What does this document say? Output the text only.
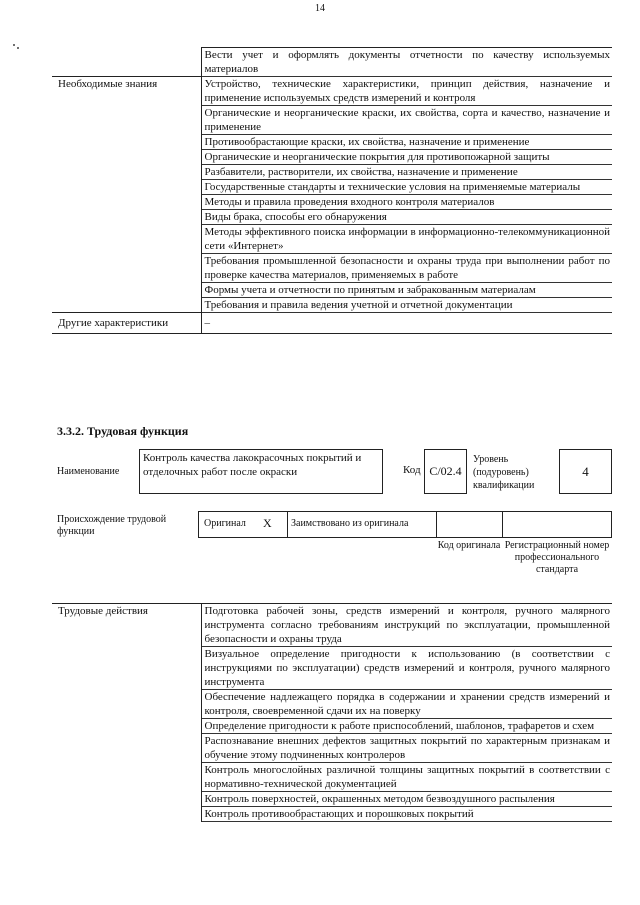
14
	Вести учет и оформлять документы отчетности по качеству используемых материалов
Необходимые знания	Устройство, технические характеристики, принцип действия, назначение и применение используемых средств измерений и контроля
	Органические и неорганические краски, их свойства, сорта и качество, назначение и применение
	Противообрастающие краски, их свойства, назначение и применение
	Органические и неорганические покрытия для противопожарной защиты
	Разбавители, растворители, их свойства, назначение и применение
	Государственные стандарты и технические условия на применяемые материалы
	Методы и правила проведения входного контроля материалов
	Виды брака, способы его обнаружения
	Методы эффективного поиска информации в информационно-телекоммуникационной сети «Интернет»
	Требования промышленной безопасности и охраны труда при выполнении работ по проверке качества материалов, применяемых в работе
	Формы учета и отчетности по принятым и забракованным материалам
	Требования и правила ведения учетной и отчетной документации
Другие характеристики	–
3.3.2. Трудовая функция
Наименование
Контроль качества лакокрасочных покрытий и отделочных работ после окраски	Код C/02.4
Уровень (подуровень) квалификации
4
Происхождение трудовой функции
Оригинал X Заимствовано из оригинала
Код оригинала Регистрационный номер профессионального стандарта
Трудовые действия	Подготовка рабочей зоны, средств измерений и контроля, ручного малярного инструмента согласно требованиям инструкций по эксплуатации, промышленной безопасности и охраны труда
Визуальное определение пригодности к использованию (в соответствии с инструкциями по эксплуатации) средств измерений и контроля, ручного малярного инструмента
Обеспечение надлежащего порядка в содержании и хранении средств измерений и контроля, своевременной сдачи их на поверку
Определение пригодности к работе приспособлений, шаблонов, трафаретов и схем
Распознавание внешних дефектов защитных покрытий по характерным признакам и обучение этому подчиненных контролеров
Контроль многослойных различной толщины защитных покрытий в соответствии с нормативно-технической документацией
Контроль поверхностей, окрашенных методом безвоздушного распыления
Контроль противообрастающих и порошковых покрытий
